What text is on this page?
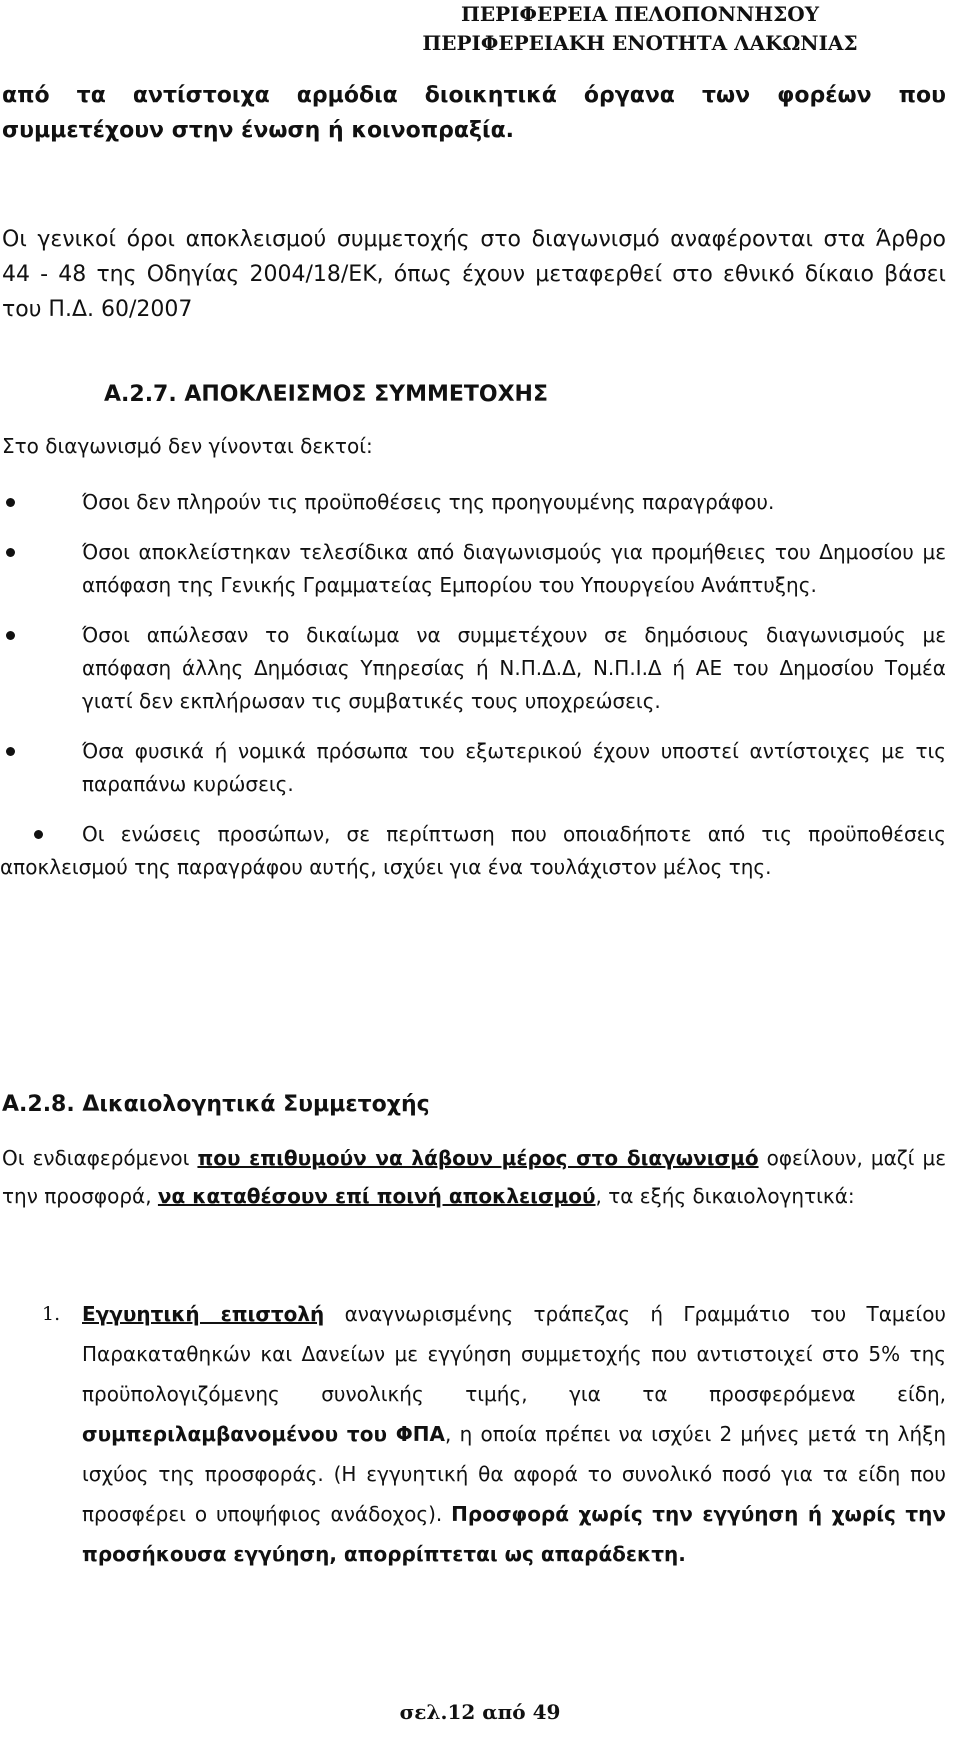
ΠΕΡΙΦΕΡΕΙΑ ΠΕΛΟΠΟΝΝΗΣΟΥ
ΠΕΡΙΦΕΡΕΙΑΚΗ ΕΝΟΤΗΤΑ ΛΑΚΩΝΙΑΣ
από τα αντίστοιχα αρμόδια διοικητικά όργανα των φορέων που συμμετέχουν στην ένωση ή κοινοπραξία.
Οι γενικοί όροι αποκλεισμού συμμετοχής στο διαγωνισμό αναφέρονται στα Άρθρο 44 - 48 της Οδηγίας 2004/18/ΕΚ, όπως έχουν μεταφερθεί στο εθνικό δίκαιο βάσει του Π.Δ. 60/2007
Α.2.7. ΑΠΟΚΛΕΙΣΜΟΣ ΣΥΜΜΕΤΟΧΗΣ
Στο διαγωνισμό δεν γίνονται δεκτοί:
Όσοι δεν πληρούν τις προϋποθέσεις της προηγουμένης παραγράφου.
Όσοι αποκλείστηκαν τελεσίδικα από διαγωνισμούς για προμήθειες του Δημοσίου με απόφαση της Γενικής Γραμματείας Εμπορίου του Υπουργείου Ανάπτυξης.
Όσοι απώλεσαν το δικαίωμα να συμμετέχουν σε δημόσιους διαγωνισμούς με απόφαση άλλης Δημόσιας Υπηρεσίας ή Ν.Π.Δ.Δ, Ν.Π.Ι.Δ ή ΑΕ του Δημοσίου Τομέα γιατί δεν εκπλήρωσαν τις συμβατικές τους υποχρεώσεις.
Όσα φυσικά ή νομικά πρόσωπα του εξωτερικού έχουν υποστεί αντίστοιχες με τις παραπάνω κυρώσεις.
Οι ενώσεις προσώπων, σε περίπτωση που οποιαδήποτε από τις προϋποθέσεις αποκλεισμού της παραγράφου αυτής, ισχύει για ένα τουλάχιστον μέλος της.
Α.2.8. Δικαιολογητικά Συμμετοχής
Οι ενδιαφερόμενοι που επιθυμούν να λάβουν μέρος στο διαγωνισμό οφείλουν, μαζί με την προσφορά, να καταθέσουν επί ποινή αποκλεισμού, τα εξής δικαιολογητικά:
1. Εγγυητική επιστολή αναγνωρισμένης τράπεζας ή Γραμμάτιο του Ταμείου Παρακαταθηκών και Δανείων με εγγύηση συμμετοχής που αντιστοιχεί στο 5% της προϋπολογιζόμενης συνολικής τιμής, για τα προσφερόμενα είδη, συμπεριλαμβανομένου του ΦΠΑ, η οποία πρέπει να ισχύει 2 μήνες μετά τη λήξη ισχύος της προσφοράς. (Η εγγυητική θα αφορά το συνολικό ποσό για τα είδη που προσφέρει ο υποψήφιος ανάδοχος). Προσφορά χωρίς την εγγύηση ή χωρίς την προσήκουσα εγγύηση, απορρίπτεται ως απαράδεκτη.
σελ.12 από 49
